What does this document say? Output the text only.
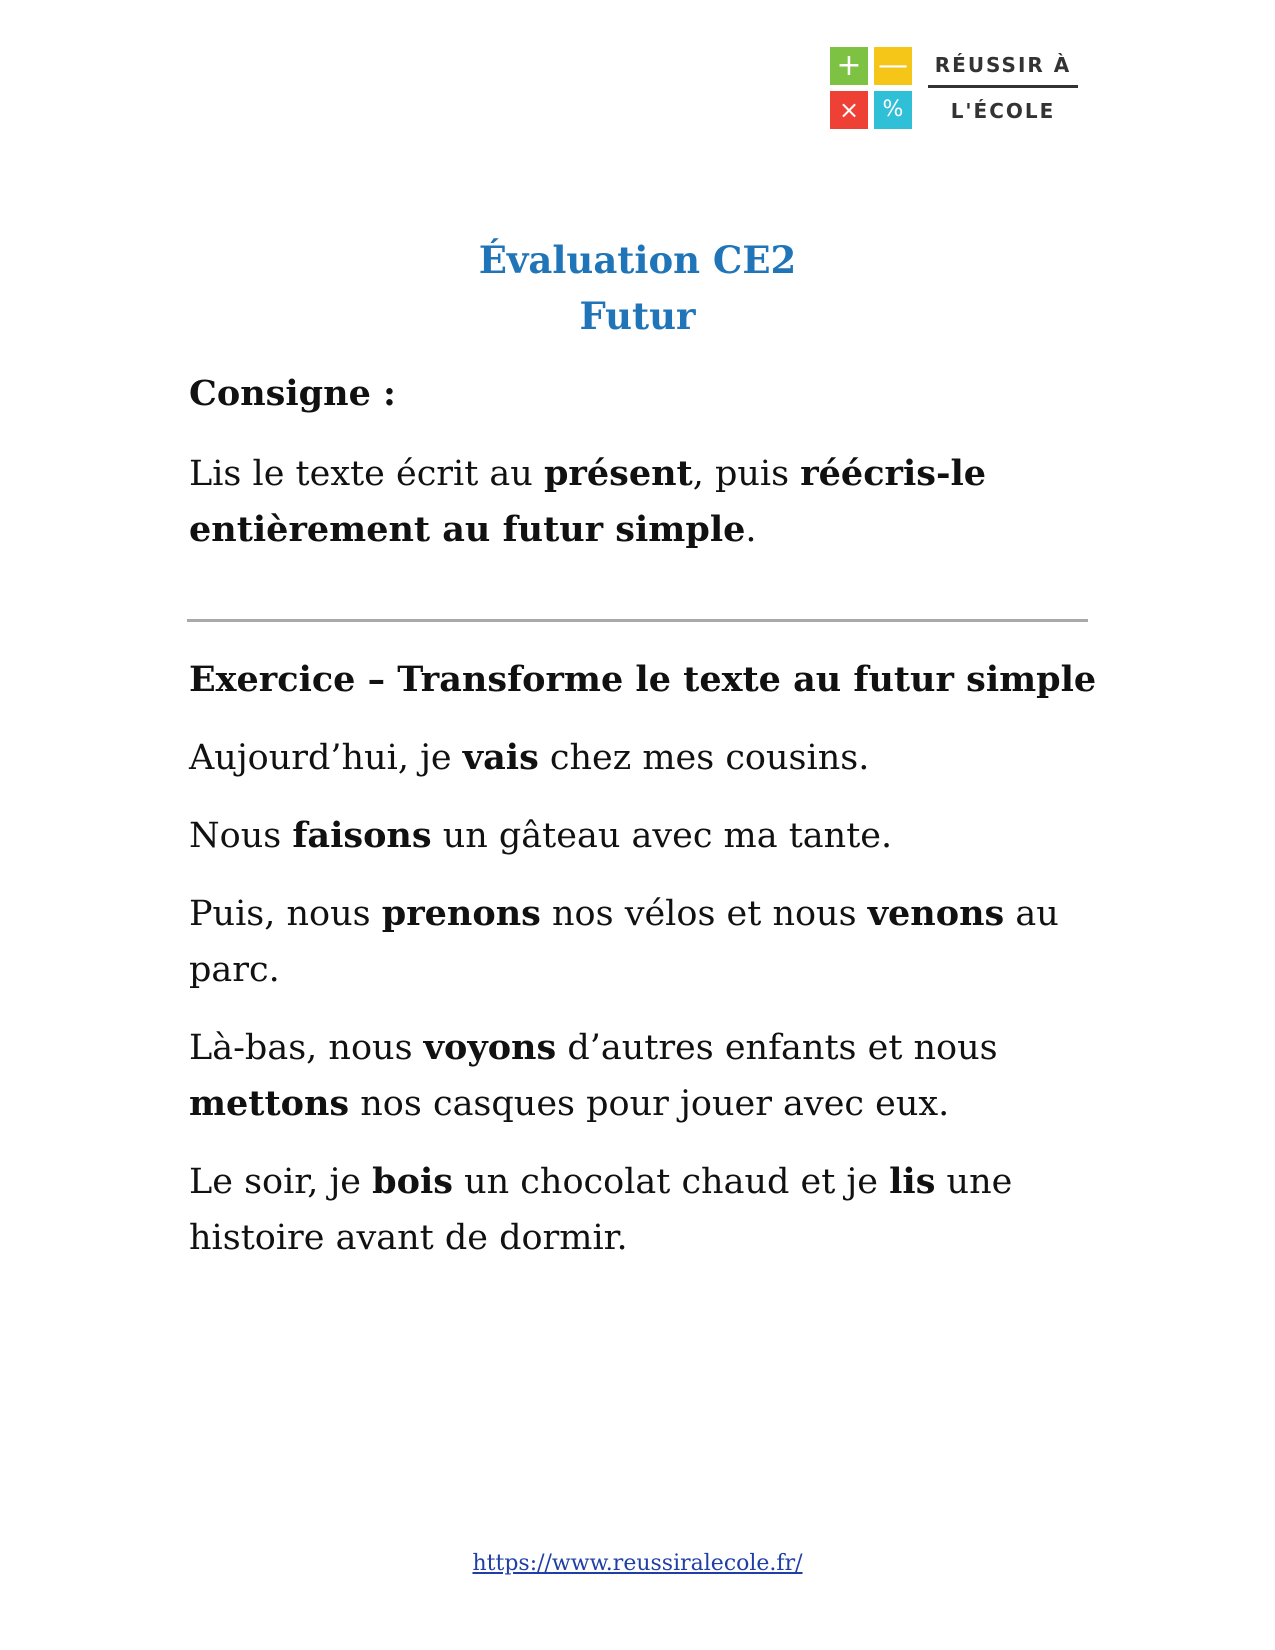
+ —
×	%
RÉUSSIR À
L'ÉCOLE
Évaluation CE2
Futur
Consigne :

Lis le texte écrit au présent, puis réécris-le entièrement au futur simple.

Exercice – Transforme le texte au futur simple

Aujourd’hui, je vais chez mes cousins.

Nous faisons un gâteau avec ma tante.

Puis, nous prenons nos vélos et nous venons au parc.

Là-bas, nous voyons d’autres enfants et nous mettons nos casques pour jouer avec eux.

Le soir, je bois un chocolat chaud et je lis une histoire avant de dormir.

https://www.reussiralecole.fr/
